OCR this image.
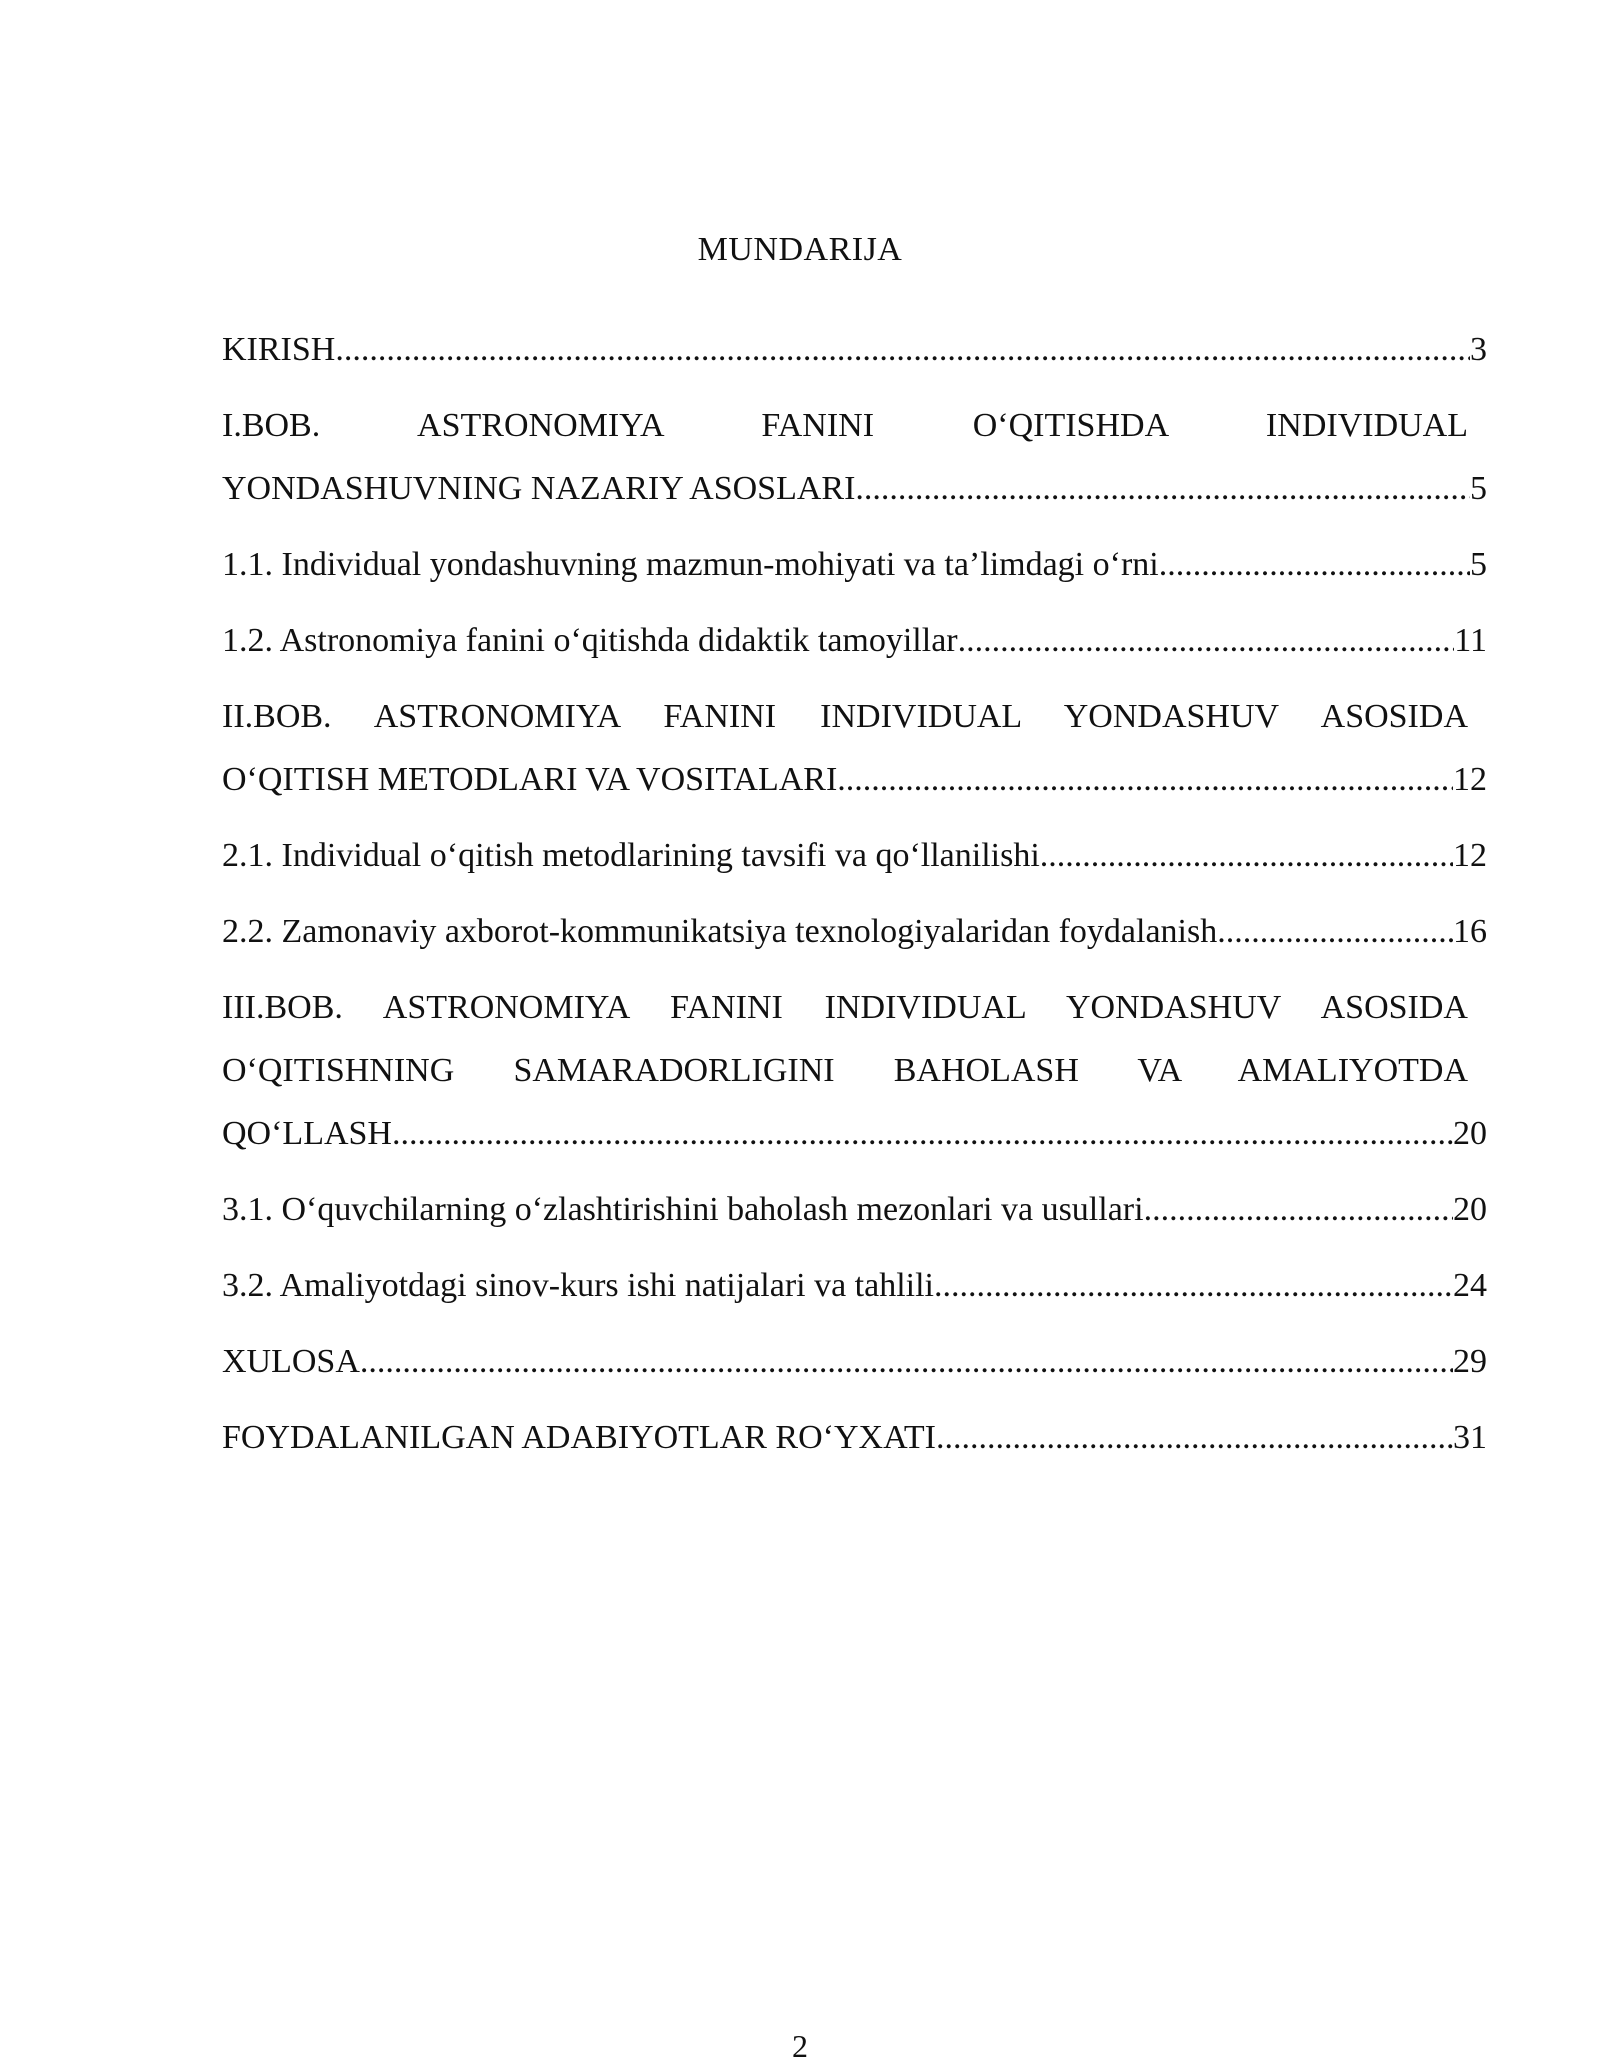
MUNDARIJA
KIRISH .....	3
I.BOB. ASTRONOMIYA FANINI OʻQITISHDA INDIVIDUAL
YONDASHUVNING NAZARIY ASOSLARI .....	5
1.1. Individual yondashuvning mazmun-mohiyati va ta’limdagi oʻrni .....	5
1.2. Astronomiya fanini oʻqitishda didaktik tamoyillar .....	11
II.BOB. ASTRONOMIYA FANINI INDIVIDUAL YONDASHUV ASOSIDA
OʻQITISH METODLARI VA VOSITALARI .....	12
2.1. Individual oʻqitish metodlarining tavsifi va qoʻllanilishi .....	12
2.2. Zamonaviy axborot-kommunikatsiya texnologiyalaridan foydalanish .....	16
III.BOB. ASTRONOMIYA FANINI INDIVIDUAL YONDASHUV ASOSIDA
OʻQITISHNING SAMARADORLIGINI BAHOLASH VA AMALIYOTDA
QOʻLLASH .....	20
3.1. Oʻquvchilarning oʻzlashtirishini baholash mezonlari va usullari .....	20
3.2. Amaliyotdagi sinov-kurs ishi natijalari va tahlili .....	24
XULOSA .....	29
FOYDALANILGAN ADABIYOTLAR ROʻYXATI .....	31
2
